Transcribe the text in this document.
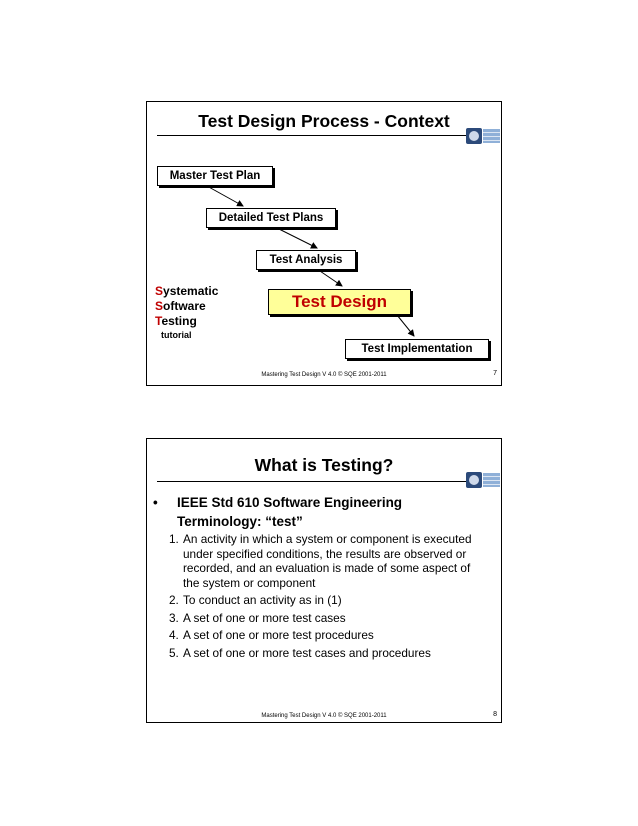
Test Design Process - Context
Master Test Plan
Detailed Test Plans
Test Analysis
Test Design
Test Implementation
Systematic
Software
Testing
tutorial
Mastering Test Design V 4.0 © SQE 2001-2011	7
What is Testing?
• IEEE Std 610 Software Engineering Terminology: “test”
1. An activity in which a system or component is executed under specified conditions, the results are observed or recorded, and an evaluation is made of some aspect of the system or component
2. To conduct an activity as in (1)
3. A set of one or more test cases
4. A set of one or more test procedures
5. A set of one or more test cases and procedures
Mastering Test Design V 4.0 © SQE 2001-2011	8
